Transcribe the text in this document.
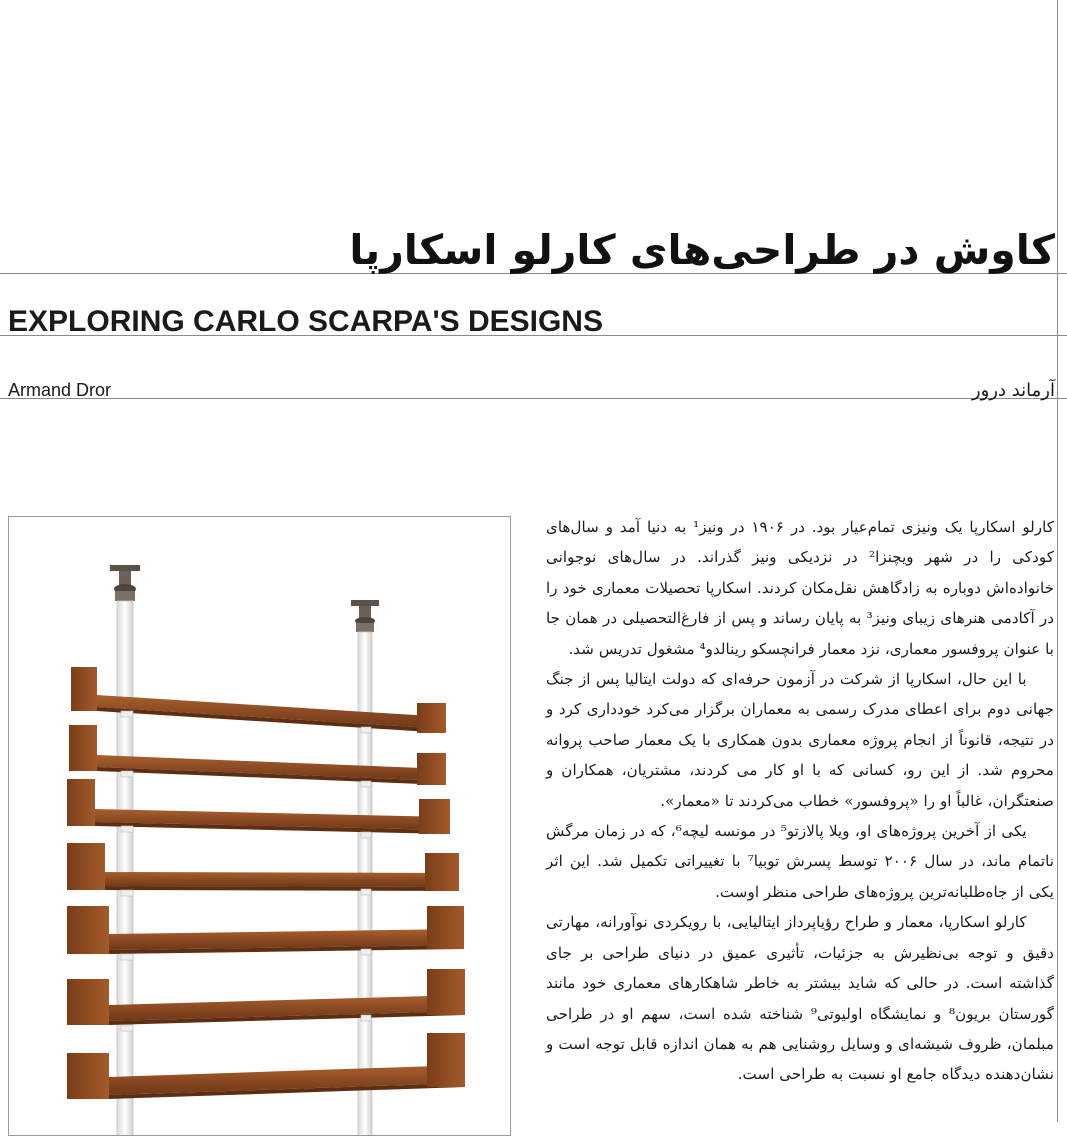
کاوش در طراحی‌های کارلو اسکارپا
EXPLORING CARLO SCARPA'S DESIGNS
Armand Dror	آرماند درور

کارلو اسکارپا یک ونیزی تمام‌عیار بود. در ۱۹۰۶ در ونیز¹ به دنیا آمد و سال‌های کودکی را در شهر ویچنزا² در نزدیکی ونیز گذراند. در سال‌های نوجوانی خانواده‌اش دوباره به زادگاهش نقل‌مکان کردند. اسکارپا تحصیلات معماری خود را در آکادمی هنرهای زیبای ونیز³ به پایان رساند و پس از فارغ‌التحصیلی در همان جا با عنوان پروفسور معماری، نزد معمار فرانچسکو رینالدو⁴ مشغول تدریس شد.

با این حال، اسکارپا از شرکت در آزمون حرفه‌ای که دولت ایتالیا پس از جنگ جهانی دوم برای اعطای مدرک رسمی به معماران برگزار می‌کرد خودداری کرد و در نتیجه، قانوناً از انجام پروژه معماری بدون همکاری با یک معمار صاحب پروانه محروم شد. از این رو، کسانی که با او کار می کردند، مشتریان، همکاران و صنعتگران، غالباً او را «پروفسور» خطاب می‌کردند تا «معمار».

یکی از آخرین پروژه‌های او، ویلا پالازتو⁵ در مونسه لیچه⁶، که در زمان مرگش ناتمام ماند، در سال ۲۰۰۶ توسط پسرش توبیا⁷ با تغییراتی تکمیل شد. این اثر یکی از جاه‌طلبانه‌ترین پروژه‌های طراحی منظر اوست.

کارلو اسکارپا، معمار و طراح رؤیاپرداز ایتالیایی، با رویکردی نوآورانه، مهارتی دقیق و توجه بی‌نظیرش به جزئیات، تأثیری عمیق در دنیای طراحی بر جای گذاشته است. در حالی که شاید بیشتر به خاطر شاهکارهای معماری خود مانند گورستان بریون⁸ و نمایشگاه اولیوتی⁹ شناخته شده است، سهم او در طراحی مبلمان، ظروف شیشه‌ای و وسایل روشنایی هم به همان اندازه قابل توجه است و نشان‌دهنده دیدگاه جامع او نسبت به طراحی است.
